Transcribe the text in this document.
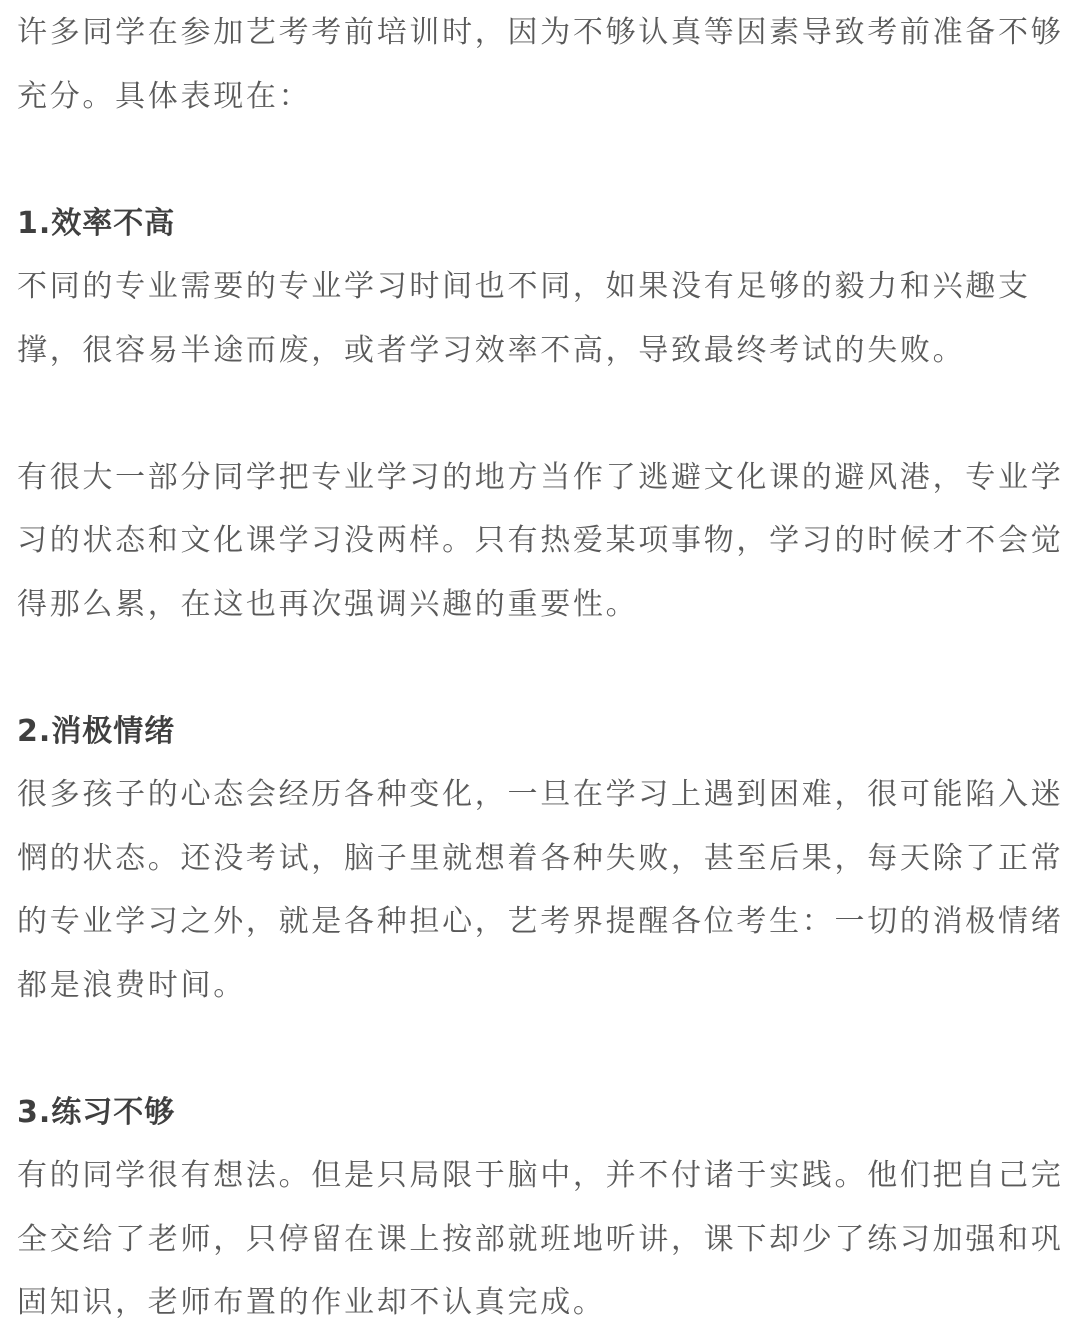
许多同学在参加艺考考前培训时，因为不够认真等因素导致考前准备不够充分。具体表现在：

1.效率不高

不同的专业需要的专业学习时间也不同，如果没有足够的毅力和兴趣支撑，很容易半途而废，或者学习效率不高，导致最终考试的失败。

有很大一部分同学把专业学习的地方当作了逃避文化课的避风港，专业学习的状态和文化课学习没两样。只有热爱某项事物，学习的时候才不会觉得那么累，在这也再次强调兴趣的重要性。

2.消极情绪

很多孩子的心态会经历各种变化，一旦在学习上遇到困难，很可能陷入迷惘的状态。还没考试，脑子里就想着各种失败，甚至后果，每天除了正常的专业学习之外，就是各种担心，艺考界提醒各位考生：一切的消极情绪都是浪费时间。

3.练习不够

有的同学很有想法。但是只局限于脑中，并不付诸于实践。他们把自己完全交给了老师，只停留在课上按部就班地听讲，课下却少了练习加强和巩固知识，老师布置的作业却不认真完成。
